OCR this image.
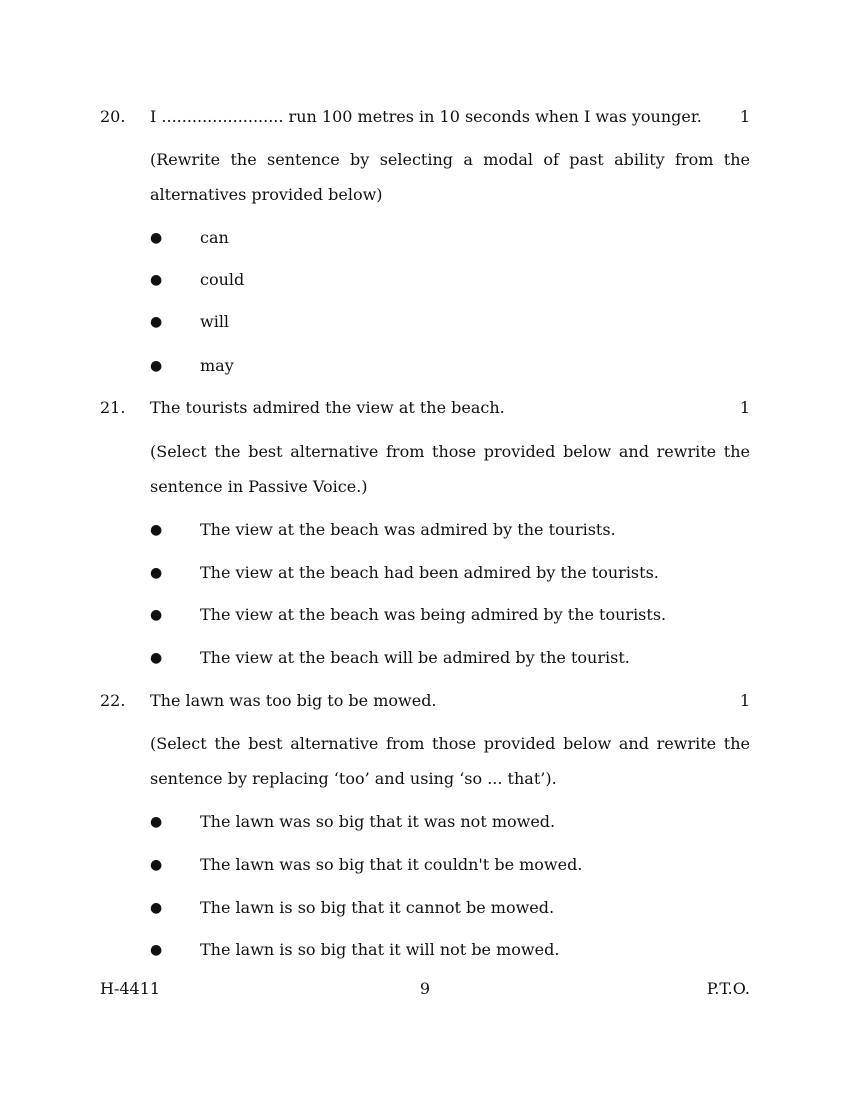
20. I ........................ run 100 metres in 10 seconds when I was younger. 1
(Rewrite the sentence by selecting a modal of past ability from the
alternatives provided below)
● can
● could
● will
● may
21. The tourists admired the view at the beach.	1
(Select the best alternative from those provided below and rewrite the
sentence in Passive Voice.)
● The view at the beach was admired by the tourists.
● The view at the beach had been admired by the tourists.
● The view at the beach was being admired by the tourists.
● The view at the beach will be admired by the tourist.
22. The lawn was too big to be mowed.	1
(Select the best alternative from those provided below and rewrite the
sentence by replacing ‘too’ and using ‘so ... that’).
● The lawn was so big that it was not mowed.
● The lawn was so big that it couldn't be mowed.
● The lawn is so big that it cannot be mowed.
● The lawn is so big that it will not be mowed.
H-4411	9	P.T.O.
